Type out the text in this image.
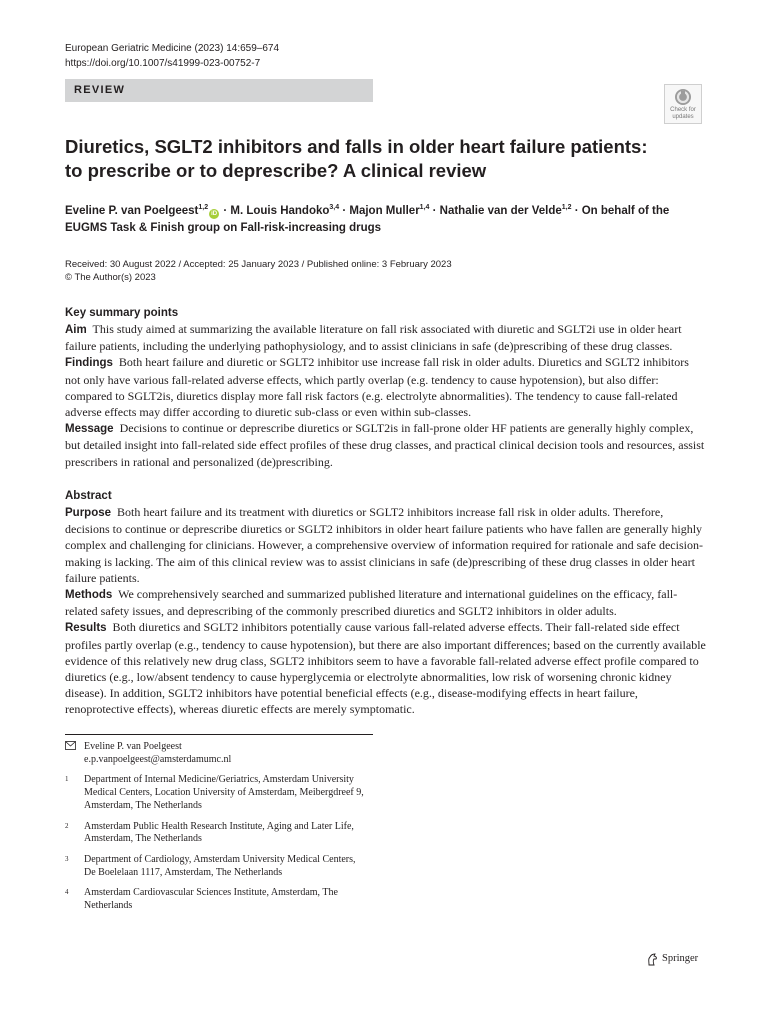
European Geriatric Medicine (2023) 14:659–674
https://doi.org/10.1007/s41999-023-00752-7
REVIEW
Check for
updates
Diuretics, SGLT2 inhibitors and falls in older heart failure patients:
to prescribe or to deprescribe? A clinical review
Eveline P. van Poelgeest$^{1,2}$iD · M. Louis Handoko$^{3,4}$ · Majon Muller$^{1,4}$ · Nathalie van der Velde$^{1,2}$ · On behalf of the
EUGMS Task & Finish group on Fall-risk-increasing drugs
Received: 30 August 2022 / Accepted: 25 January 2023 / Published online: 3 February 2023
© The Author(s) 2023
Key summary points

Aim This study aimed at summarizing the available literature on fall risk associated with diuretic and SGLT2i use in older heart failure patients, including the underlying pathophysiology, and to assist clinicians in safe (de)prescribing of these drug classes.

Findings Both heart failure and diuretic or SGLT2 inhibitor use increase fall risk in older adults. Diuretics and SGLT2 inhibitors not only have various fall-related adverse effects, which partly overlap (e.g. tendency to cause hypotension), but also differ: compared to SGLT2is, diuretics display more fall risk factors (e.g. electrolyte abnormalities). The tendency to cause fall-related adverse effects may differ according to diuretic sub-class or even within sub-classes.

Message Decisions to continue or deprescribe diuretics or SGLT2is in fall-prone older HF patients are generally highly complex, but detailed insight into fall-related side effect profiles of these drug classes, and practical clinical decision tools and resources, assist prescribers in rational and personalized (de)prescribing.

Abstract

Purpose Both heart failure and its treatment with diuretics or SGLT2 inhibitors increase fall risk in older adults. Therefore, decisions to continue or deprescribe diuretics or SGLT2 inhibitors in older heart failure patients who have fallen are generally highly complex and challenging for clinicians. However, a comprehensive overview of information required for rationale and safe decision-making is lacking. The aim of this clinical review was to assist clinicians in safe (de)prescribing of these drug classes in older heart failure patients.

Methods We comprehensively searched and summarized published literature and international guidelines on the efficacy, fall-related safety issues, and deprescribing of the commonly prescribed diuretics and SGLT2 inhibitors in older adults.

Results Both diuretics and SGLT2 inhibitors potentially cause various fall-related adverse effects. Their fall-related side effect profiles partly overlap (e.g., tendency to cause hypotension), but there are also important differences; based on the currently available evidence of this relatively new drug class, SGLT2 inhibitors seem to have a favorable fall-related adverse effect profile compared to diuretics (e.g., low/absent tendency to cause hyperglycemia or electrolyte abnormalities, low risk of worsening chronic kidney disease). In addition, SGLT2 inhibitors have potential beneficial effects (e.g., disease-modifying effects in heart failure, renoprotective effects), whereas diuretic effects are merely symptomatic.

Eveline P. van Poelgeest
e.p.vanpoelgeest@amsterdamumc.nl
1	Department of Internal Medicine/Geriatrics, Amsterdam University Medical Centers, Location University of Amsterdam, Meibergdreef 9, Amsterdam, The Netherlands
2	Amsterdam Public Health Research Institute, Aging and Later Life, Amsterdam, The Netherlands
3	Department of Cardiology, Amsterdam University Medical Centers, De Boelelaan 1117, Amsterdam, The Netherlands
4	Amsterdam Cardiovascular Sciences Institute, Amsterdam, The Netherlands
Springer
